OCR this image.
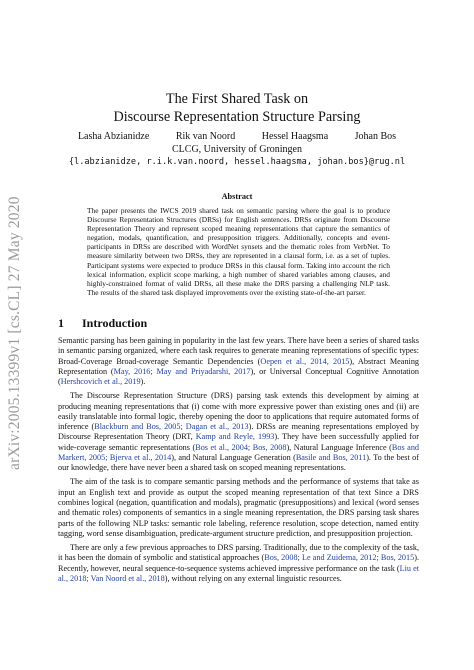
arXiv:2005.13399v1 [cs.CL] 27 May 2020
The First Shared Task on
Discourse Representation Structure Parsing
Lasha Abzianidze	Rik van Noord	Hessel Haagsma	Johan Bos
CLCG, University of Groningen
{l.abzianidze, r.i.k.van.noord, hessel.haagsma, johan.bos}@rug.nl
Abstract
The paper presents the IWCS 2019 shared task on semantic parsing where the goal is to produce Discourse Representation Structures (DRSs) for English sentences. DRSs originate from Discourse Representation Theory and represent scoped meaning representations that capture the semantics of negation, modals, quantification, and presupposition triggers. Additionally, concepts and event-participants in DRSs are described with WordNet synsets and the thematic roles from VerbNet. To measure similarity between two DRSs, they are represented in a clausal form, i.e. as a set of tuples. Participant systems were expected to produce DRSs in this clausal form. Taking into account the rich lexical information, explicit scope marking, a high number of shared variables among clauses, and highly-constrained format of valid DRSs, all these make the DRS parsing a challenging NLP task. The results of the shared task displayed improvements over the existing state-of-the-art parser.
1 Introduction

Semantic parsing has been gaining in popularity in the last few years. There have been a series of shared tasks in semantic parsing organized, where each task requires to generate meaning representations of specific types: Broad-Coverage Broad-coverage Semantic Dependencies (Oepen et al., 2014, 2015), Abstract Meaning Representation (May, 2016; May and Priyadarshi, 2017), or Universal Conceptual Cognitive Annotation (Hershcovich et al., 2019).

The Discourse Representation Structure (DRS) parsing task extends this development by aiming at producing meaning representations that (i) come with more expressive power than existing ones and (ii) are easily translatable into formal logic, thereby opening the door to applications that require automated forms of inference (Blackburn and Bos, 2005; Dagan et al., 2013). DRSs are meaning representations employed by Discourse Representation Theory (DRT, Kamp and Reyle, 1993). They have been successfully applied for wide-coverage semantic representations (Bos et al., 2004; Bos, 2008), Natural Language Inference (Bos and Markert, 2005; Bjerva et al., 2014), and Natural Language Generation (Basile and Bos, 2011). To the best of our knowledge, there have never been a shared task on scoped meaning representations.

The aim of the task is to compare semantic parsing methods and the performance of systems that take as input an English text and provide as output the scoped meaning representation of that text Since a DRS combines logical (negation, quantification and modals), pragmatic (presuppositions) and lexical (word senses and thematic roles) components of semantics in a single meaning representation, the DRS parsing task shares parts of the following NLP tasks: semantic role labeling, reference resolution, scope detection, named entity tagging, word sense disambiguation, predicate-argument structure prediction, and presupposition projection.

There are only a few previous approaches to DRS parsing. Traditionally, due to the complexity of the task, it has been the domain of symbolic and statistical approaches (Bos, 2008; Le and Zuidema, 2012; Bos, 2015). Recently, however, neural sequence-to-sequence systems achieved impressive performance on the task (Liu et al., 2018; Van Noord et al., 2018), without relying on any external linguistic resources.
